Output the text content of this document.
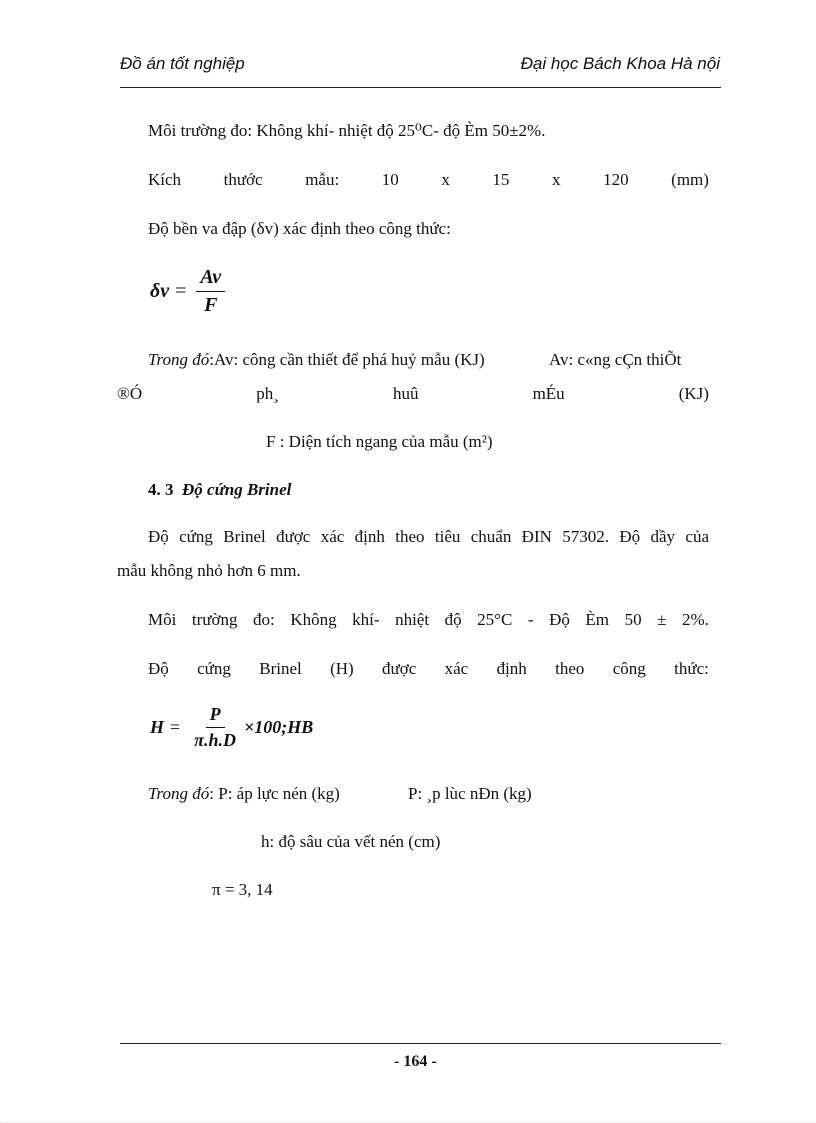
Đồ án tốt nghiệp	Đại học Bách Khoa Hà nội
Môi trường đo: Không khí- nhiệt độ 25⁰C- độ Èm 50±2%.
Kích	thước	mẫu:	10	x	15	x	120	(mm)
Độ bền va đập (δv) xác định theo công thức:
$\delta v = \frac{Av}{F}$
Trong đó:Av: công cần thiết để phá huỷ mẫu (KJ)	Av: c«ng cÇn thiÕt
®Ó	ph¸	huû	mÉu	(KJ)
F : Diện tích ngang của mẫu (m²)
4. 3 Độ cứng Brinel
Độ cứng Brinel được xác định theo tiêu chuẩn ĐIN 57302. Độ dầy của
mẫu không nhỏ hơn 6 mm.
Môi trường đo: Không khí- nhiệt độ 25°C - Độ Èm 50 ± 2%.
Độ cứng Brinel (H) được xác định theo công thức:
$H = \frac{P}{\pi.h.D}$ ×100;HB
Trong đó: P: áp lực nén (kg)	P: ¸p lùc nÐn (kg)
h: độ sâu của vết nén (cm)
π = 3, 14
- 164 -
